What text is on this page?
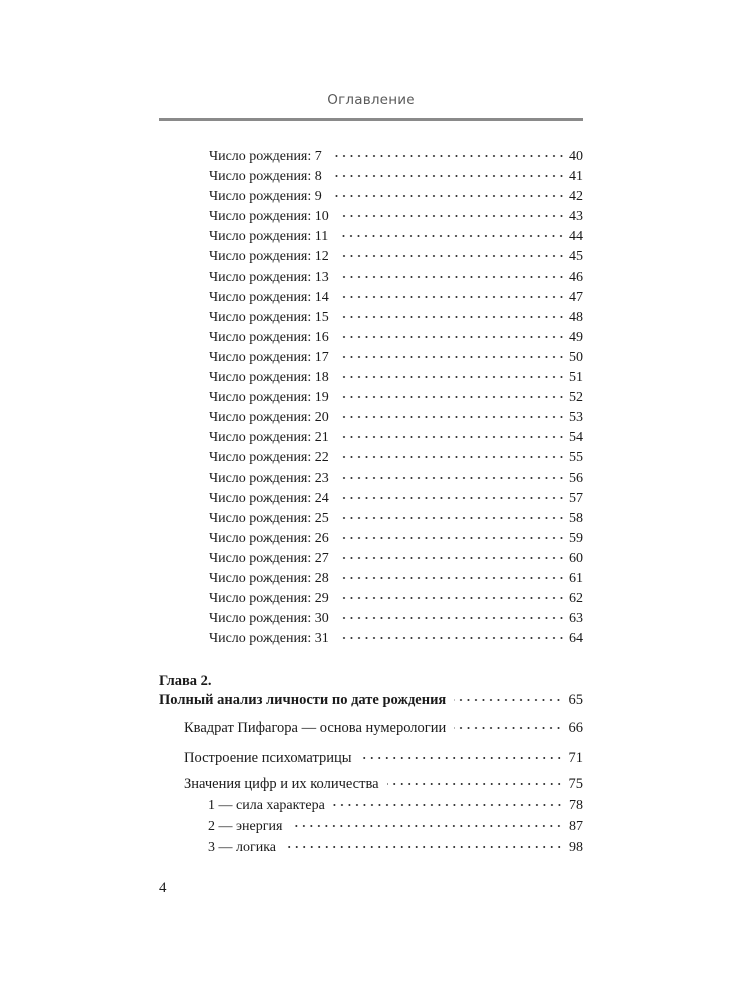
Оглавление
Число рождения: 7	40
Число рождения: 8	41
Число рождения: 9	42
Число рождения: 10	43
Число рождения: 11	44
Число рождения: 12	45
Число рождения: 13	46
Число рождения: 14	47
Число рождения: 15	48
Число рождения: 16	49
Число рождения: 17	50
Число рождения: 18	51
Число рождения: 19	52
Число рождения: 20	53
Число рождения: 21	54
Число рождения: 22	55
Число рождения: 23	56
Число рождения: 24	57
Число рождения: 25	58
Число рождения: 26	59
Число рождения: 27	60
Число рождения: 28	61
Число рождения: 29	62
Число рождения: 30	63
Число рождения: 31	64
Глава 2.
Полный анализ личности по дате рождения	65
Квадрат Пифагора — основа нумерологии	66
Построение психоматрицы	71
Значения цифр и их количества	75
1 — сила характера	78
2 — энергия	87
3 — логика	98
4
